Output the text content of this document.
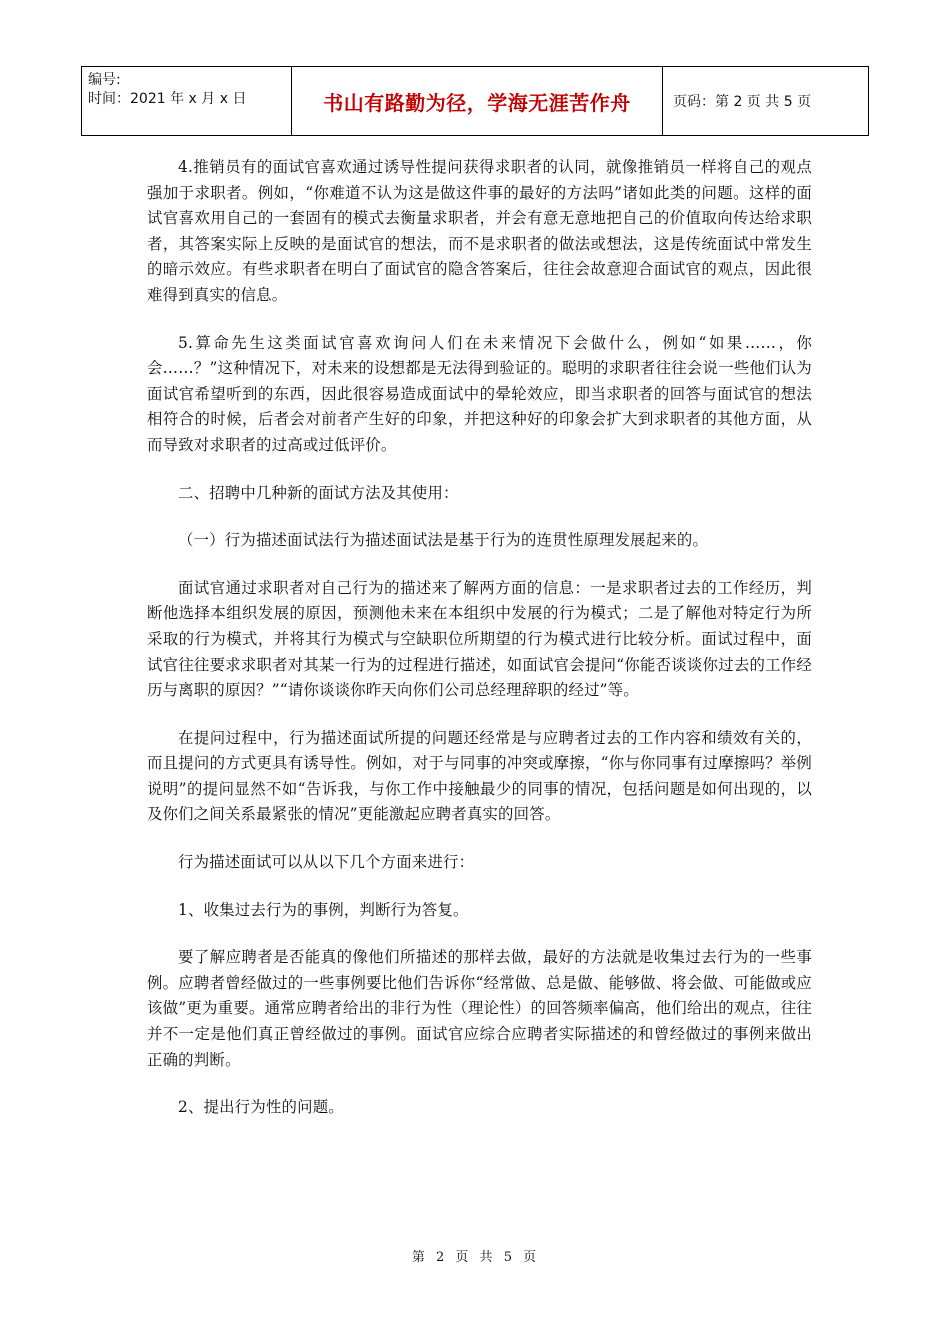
编号:
时间：2021 年 x 月 x 日	书山有路勤为径，学海无涯苦作舟	页码：第 2 页 共 5 页

4.推销员有的面试官喜欢通过诱导性提问获得求职者的认同，就像推销员一样将自己的观点强加于求职者。例如，“你难道不认为这是做这件事的最好的方法吗”诸如此类的问题。这样的面试官喜欢用自己的一套固有的模式去衡量求职者，并会有意无意地把自己的价值取向传达给求职者，其答案实际上反映的是面试官的想法，而不是求职者的做法或想法，这是传统面试中常发生的暗示效应。有些求职者在明白了面试官的隐含答案后，往往会故意迎合面试官的观点，因此很难得到真实的信息。

5.算命先生这类面试官喜欢询问人们在未来情况下会做什么，例如“如果……，你会……？”这种情况下，对未来的设想都是无法得到验证的。聪明的求职者往往会说一些他们认为面试官希望听到的东西，因此很容易造成面试中的晕轮效应，即当求职者的回答与面试官的想法相符合的时候，后者会对前者产生好的印象，并把这种好的印象会扩大到求职者的其他方面，从而导致对求职者的过高或过低评价。

二、招聘中几种新的面试方法及其使用：

（一）行为描述面试法行为描述面试法是基于行为的连贯性原理发展起来的。

面试官通过求职者对自己行为的描述来了解两方面的信息：一是求职者过去的工作经历，判断他选择本组织发展的原因，预测他未来在本组织中发展的行为模式；二是了解他对特定行为所采取的行为模式，并将其行为模式与空缺职位所期望的行为模式进行比较分析。面试过程中，面试官往往要求求职者对其某一行为的过程进行描述，如面试官会提问“你能否谈谈你过去的工作经历与离职的原因？”“请你谈谈你昨天向你们公司总经理辞职的经过”等。

在提问过程中，行为描述面试所提的问题还经常是与应聘者过去的工作内容和绩效有关的，而且提问的方式更具有诱导性。例如，对于与同事的冲突或摩擦，“你与你同事有过摩擦吗？举例说明”的提问显然不如“告诉我，与你工作中接触最少的同事的情况，包括问题是如何出现的，以及你们之间关系最紧张的情况”更能激起应聘者真实的回答。

行为描述面试可以从以下几个方面来进行：

1、收集过去行为的事例，判断行为答复。

要了解应聘者是否能真的像他们所描述的那样去做，最好的方法就是收集过去行为的一些事例。应聘者曾经做过的一些事例要比他们告诉你“经常做、总是做、能够做、将会做、可能做或应该做”更为重要。通常应聘者给出的非行为性（理论性）的回答频率偏高，他们给出的观点，往往并不一定是他们真正曾经做过的事例。面试官应综合应聘者实际描述的和曾经做过的事例来做出正确的判断。

2、提出行为性的问题。

第 2 页 共 5 页
